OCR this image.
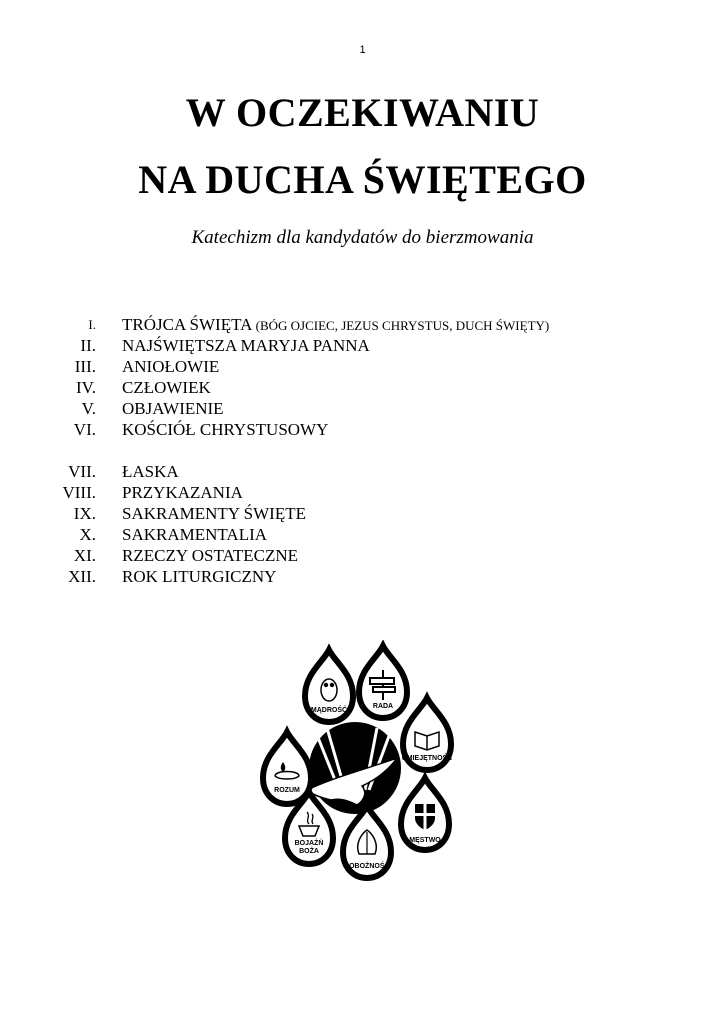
1
W OCZEKIWANIU
NA DUCHA ŚWIĘTEGO
Katechizm dla kandydatów do bierzmowania
I. TRÓJCA ŚWIĘTA (BÓG OJCIEC, JEZUS CHRYSTUS, DUCH ŚWIĘTY)
II. NAJŚWIĘTSZA MARYJA PANNA
III. ANIOŁOWIE
IV. CZŁOWIEK
V. OBJAWIENIE
VI. KOŚCIÓŁ CHRYSTUSOWY
VII. ŁASKA
VIII. PRZYKAZANIA
IX. SAKRAMENTY ŚWIĘTE
X. SAKRAMENTALIA
XI. RZECZY OSTATECZNE
XII. ROK LITURGICZNY
MĄDROŚĆ
RADA
UMIEJĘTNOŚĆ
ROZUM
MĘSTWO
BOJAŹŃ
BOŻA
POBOŻNOŚĆ
